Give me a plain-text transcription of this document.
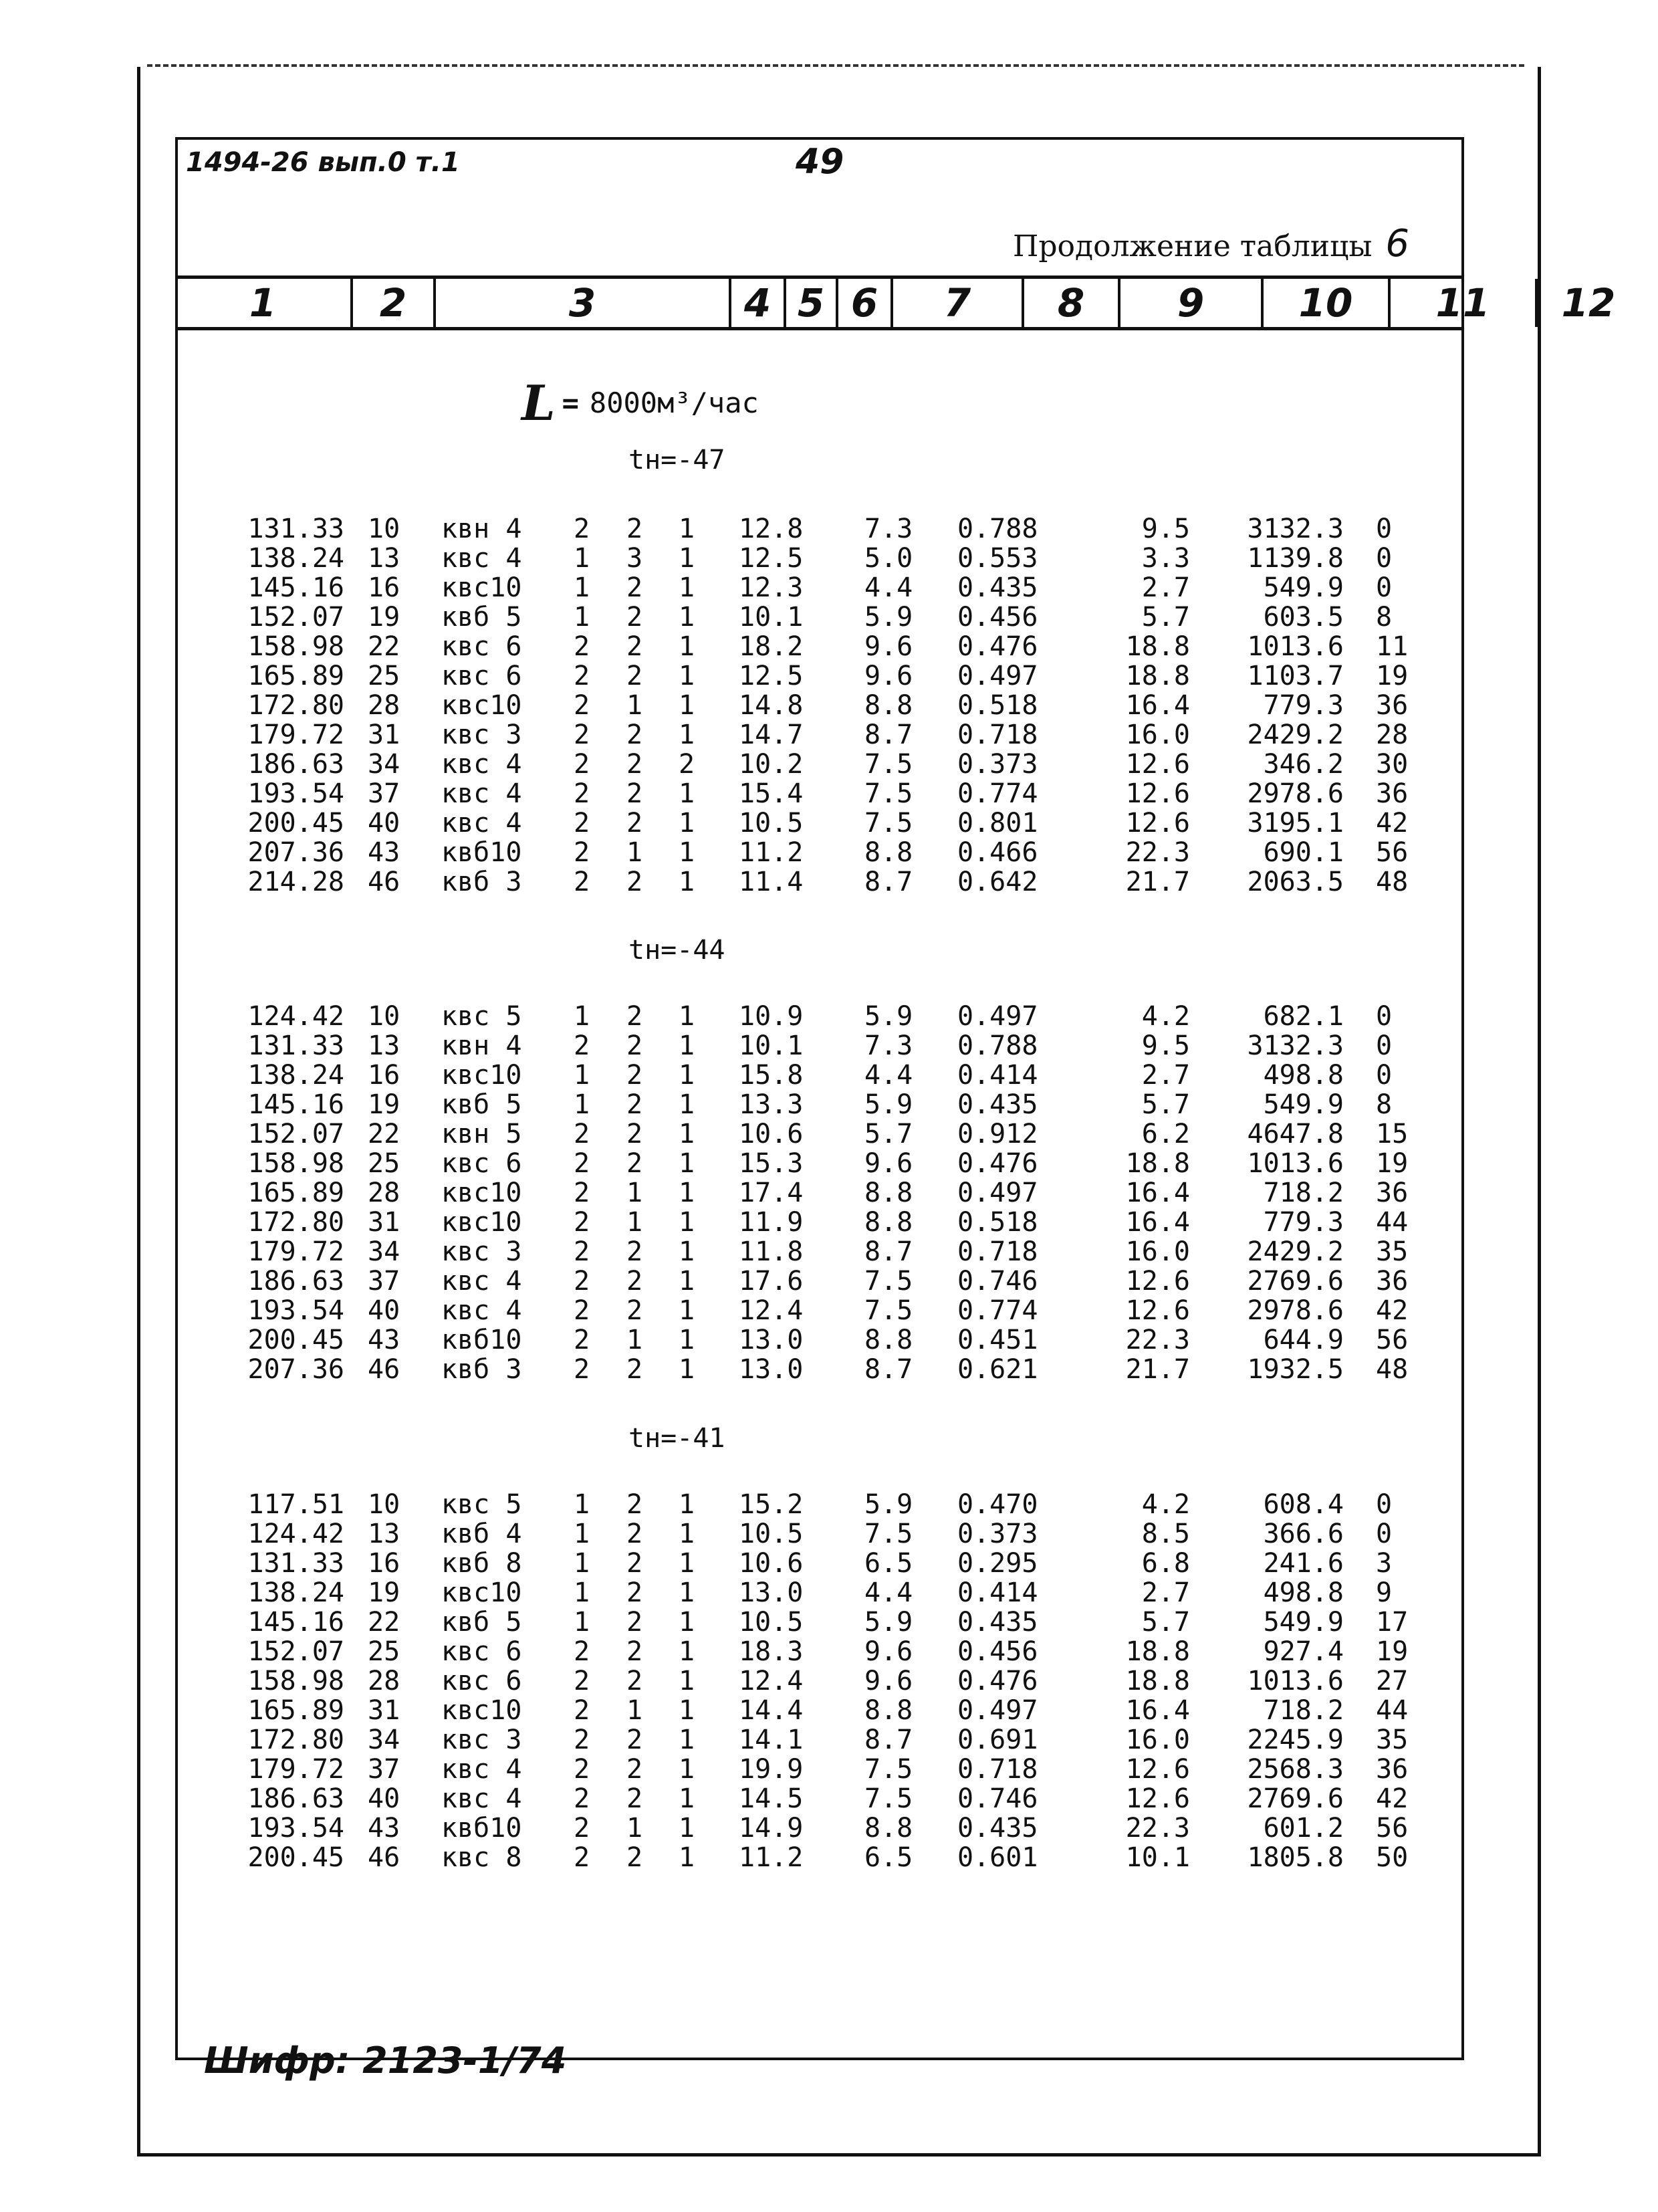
1494-26 вып.0 т.1	49
Продолжение таблицы 6
1	2	3	4 5 6	7	8	9	10	11	12
L = 8000м³/час
tн=-47
131.33 10	квн 4	2	2	1	12.8	7.3	0.788	9.5	3132.3 0
138.24 13	квс 4	1	3	1	12.5	5.0	0.553	3.3	1139.8 0
145.16 16	квс10	1	2	1	12.3	4.4	0.435	2.7	549.9 0
152.07 19	квб 5	1	2	1	10.1	5.9	0.456	5.7	603.5 8
158.98 22	квс 6	2	2	1	18.2	9.6	0.476	18.8	1013.6 11
165.89 25	квс 6	2	2	1	12.5	9.6	0.497	18.8	1103.7 19
172.80 28	квс10	2	1	1	14.8	8.8	0.518	16.4	779.3 36
179.72 31	квс 3	2	2	1	14.7	8.7	0.718	16.0	2429.2 28
186.63 34	квс 4	2	2	2	10.2	7.5	0.373	12.6	346.2 30
193.54 37	квс 4	2	2	1	15.4	7.5	0.774	12.6	2978.6 36
200.45 40	квс 4	2	2	1	10.5	7.5	0.801	12.6	3195.1 42
207.36 43	квб10	2	1	1	11.2	8.8	0.466	22.3	690.1 56
214.28 46	квб 3	2	2	1	11.4	8.7	0.642	21.7	2063.5 48
tн=-44
124.42 10	квс 5	1	2	1	10.9	5.9	0.497	4.2	682.1 0
131.33 13	квн 4	2	2	1	10.1	7.3	0.788	9.5	3132.3 0
138.24 16	квс10	1	2	1	15.8	4.4	0.414	2.7	498.8 0
145.16 19	квб 5	1	2	1	13.3	5.9	0.435	5.7	549.9 8
152.07 22	квн 5	2	2	1	10.6	5.7	0.912	6.2	4647.8 15
158.98 25	квс 6	2	2	1	15.3	9.6	0.476	18.8	1013.6 19
165.89 28	квс10	2	1	1	17.4	8.8	0.497	16.4	718.2 36
172.80 31	квс10	2	1	1	11.9	8.8	0.518	16.4	779.3 44
179.72 34	квс 3	2	2	1	11.8	8.7	0.718	16.0	2429.2 35
186.63 37	квс 4	2	2	1	17.6	7.5	0.746	12.6	2769.6 36
193.54 40	квс 4	2	2	1	12.4	7.5	0.774	12.6	2978.6 42
200.45 43	квб10	2	1	1	13.0	8.8	0.451	22.3	644.9 56
207.36 46	квб 3	2	2	1	13.0	8.7	0.621	21.7	1932.5 48
tн=-41
117.51 10	квс 5	1	2	1	15.2	5.9	0.470	4.2	608.4 0
124.42 13	квб 4	1	2	1	10.5	7.5	0.373	8.5	366.6 0
131.33 16	квб 8	1	2	1	10.6	6.5	0.295	6.8	241.6 3
138.24 19	квс10	1	2	1	13.0	4.4	0.414	2.7	498.8 9
145.16 22	квб 5	1	2	1	10.5	5.9	0.435	5.7	549.9 17
152.07 25	квс 6	2	2	1	18.3	9.6	0.456	18.8	927.4 19
158.98 28	квс 6	2	2	1	12.4	9.6	0.476	18.8	1013.6 27
165.89 31	квс10	2	1	1	14.4	8.8	0.497	16.4	718.2 44
172.80 34	квс 3	2	2	1	14.1	8.7	0.691	16.0	2245.9 35
179.72 37	квс 4	2	2	1	19.9	7.5	0.718	12.6	2568.3 36
186.63 40	квс 4	2	2	1	14.5	7.5	0.746	12.6	2769.6 42
193.54 43	квб10	2	1	1	14.9	8.8	0.435	22.3	601.2 56
200.45 46	квс 8	2	2	1	11.2	6.5	0.601	10.1	1805.8 50
Шифр: 2123-1/74
